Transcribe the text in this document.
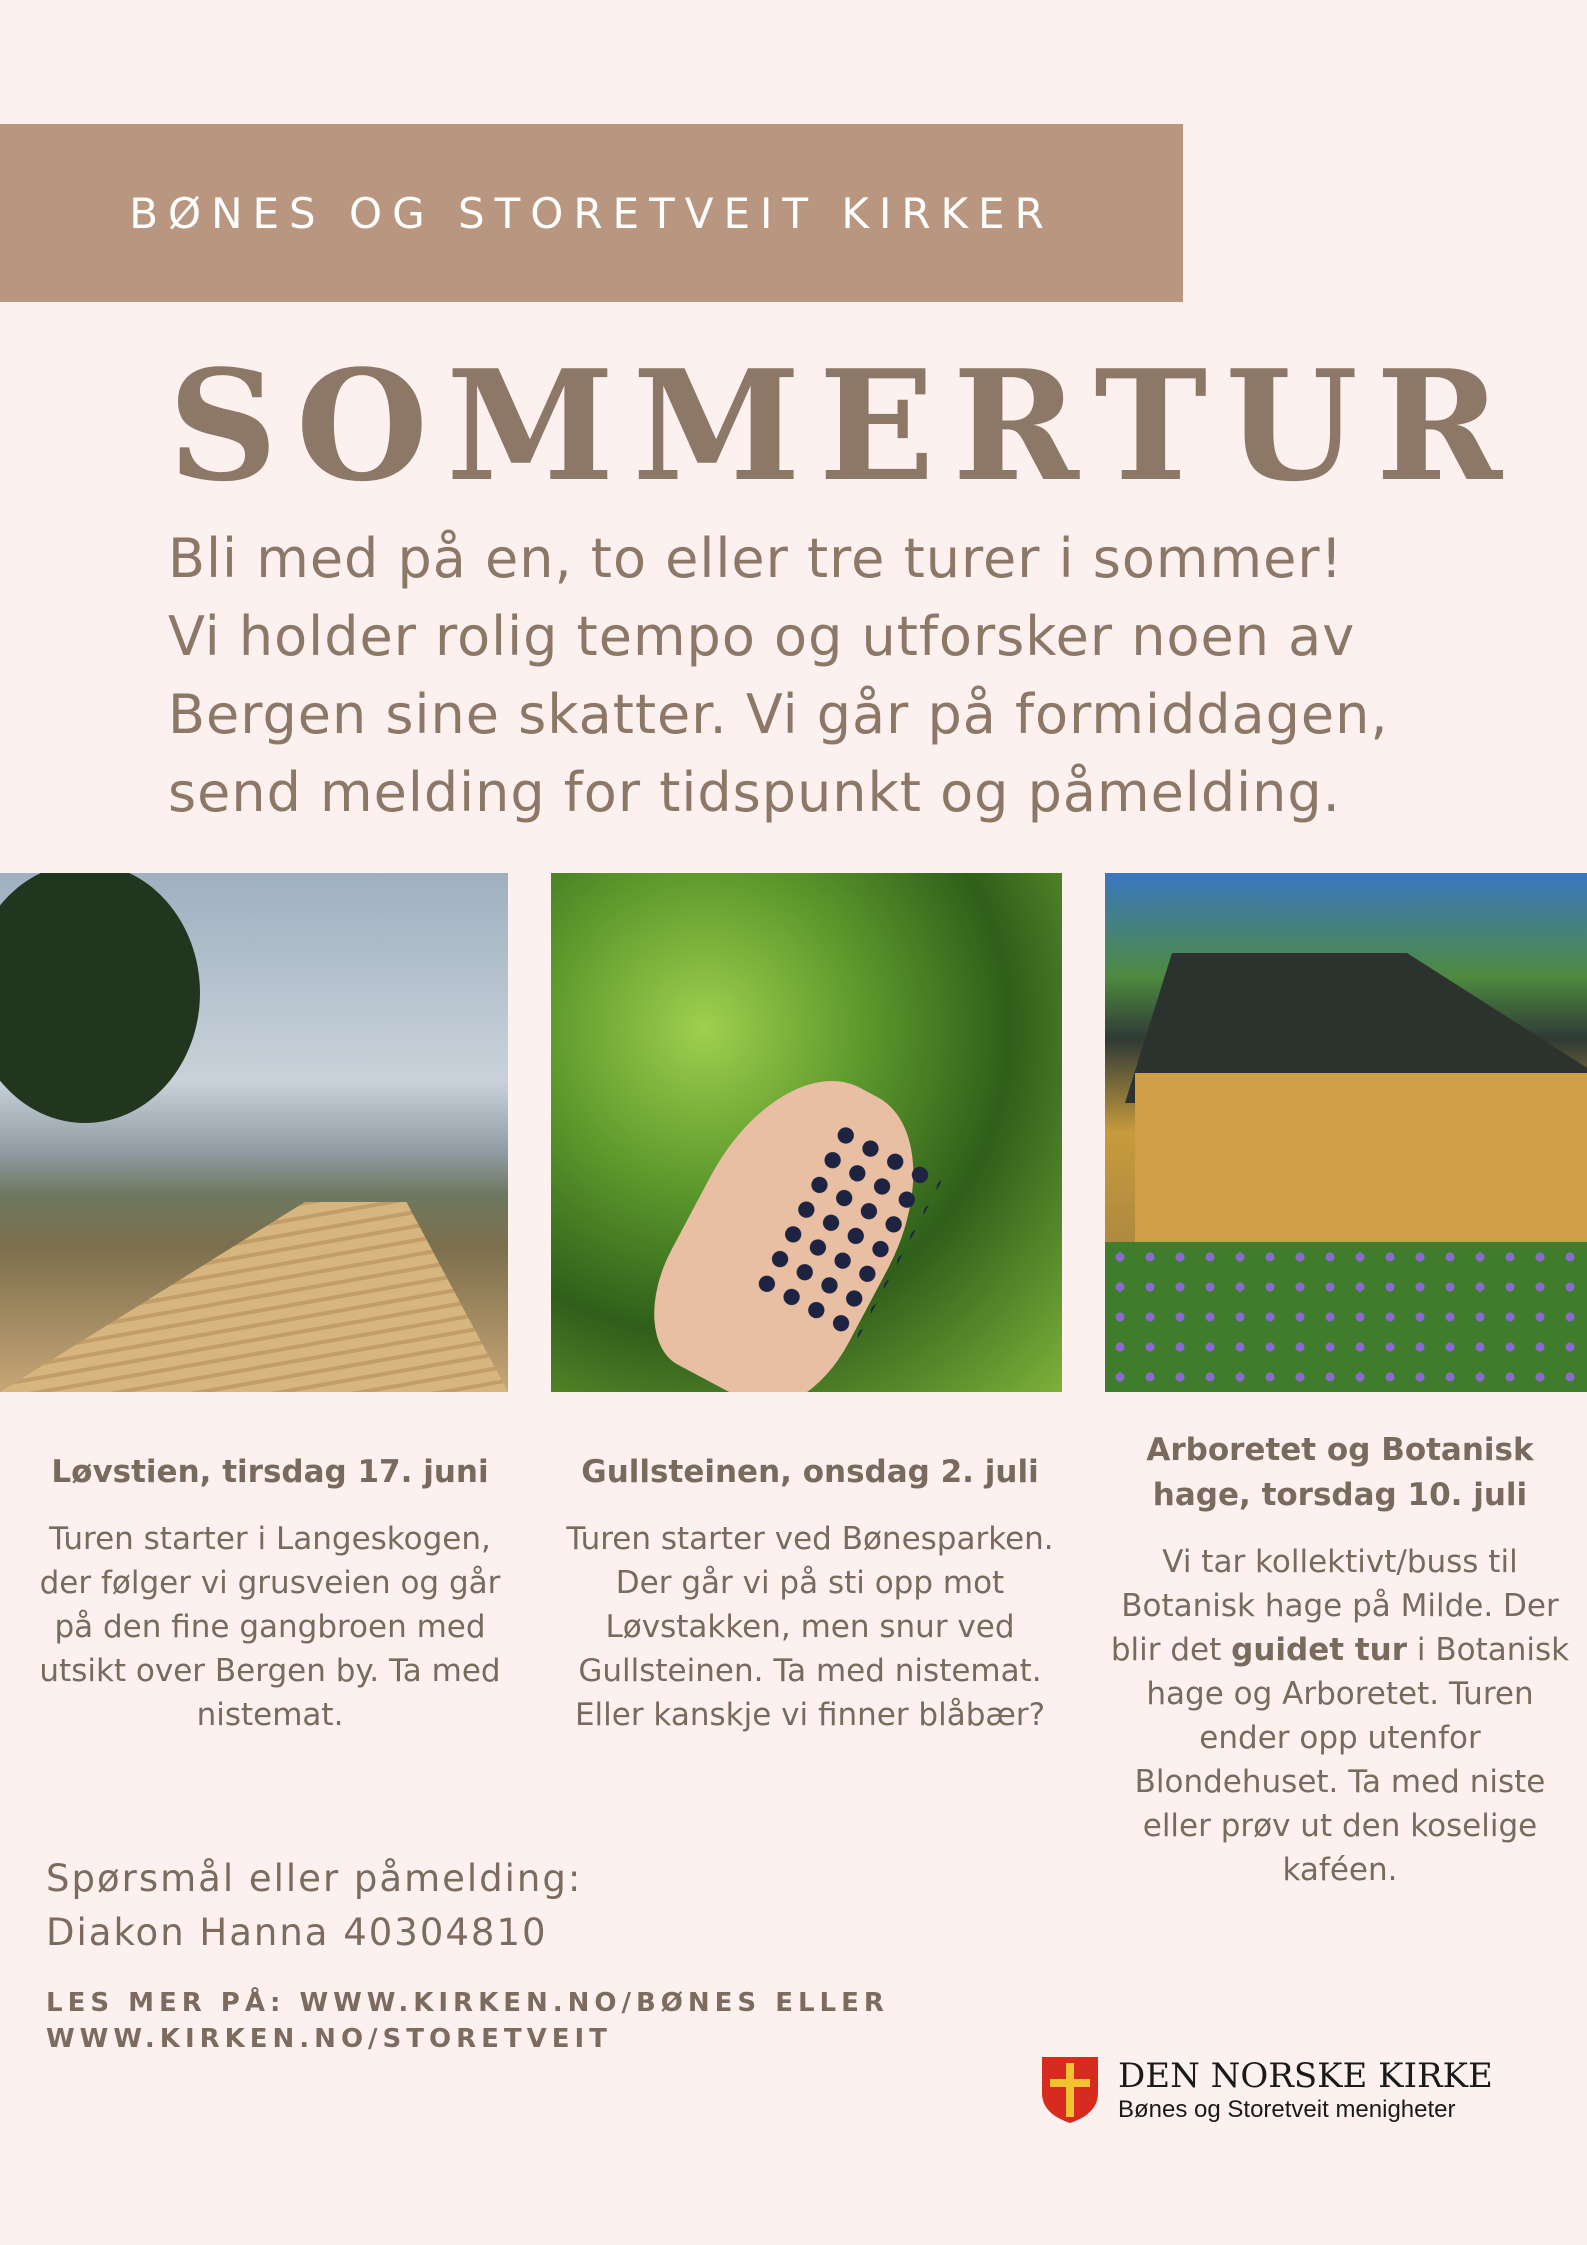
BØNES OG STORETVEIT KIRKER
SOMMERTUR
Bli med på en, to eller tre turer i sommer!
Vi holder rolig tempo og utforsker noen av
Bergen sine skatter. Vi går på formiddagen,
send melding for tidspunkt og påmelding.
Løvstien, tirsdag 17. juni

Turen starter i Langeskogen, der følger vi grusveien og går på den fine gangbroen med utsikt over Bergen by. Ta med nistemat.

Gullsteinen, onsdag 2. juli

Turen starter ved Bønesparken. Der går vi på sti opp mot Løvstakken, men snur ved Gullsteinen. Ta med nistemat. Eller kanskje vi finner blåbær?

Arboretet og Botanisk hage, torsdag 10. juli

Vi tar kollektivt/buss til Botanisk hage på Milde. Der blir det guidet tur i Botanisk hage og Arboretet. Turen ender opp utenfor Blondehuset. Ta med niste eller prøv ut den koselige kaféen.

Spørsmål eller påmelding:
Diakon Hanna 40304810
LES MER PÅ: WWW.KIRKEN.NO/BØNES ELLER
WWW.KIRKEN.NO/STORETVEIT
DEN NORSKE KIRKE
Bønes og Storetveit menigheter
